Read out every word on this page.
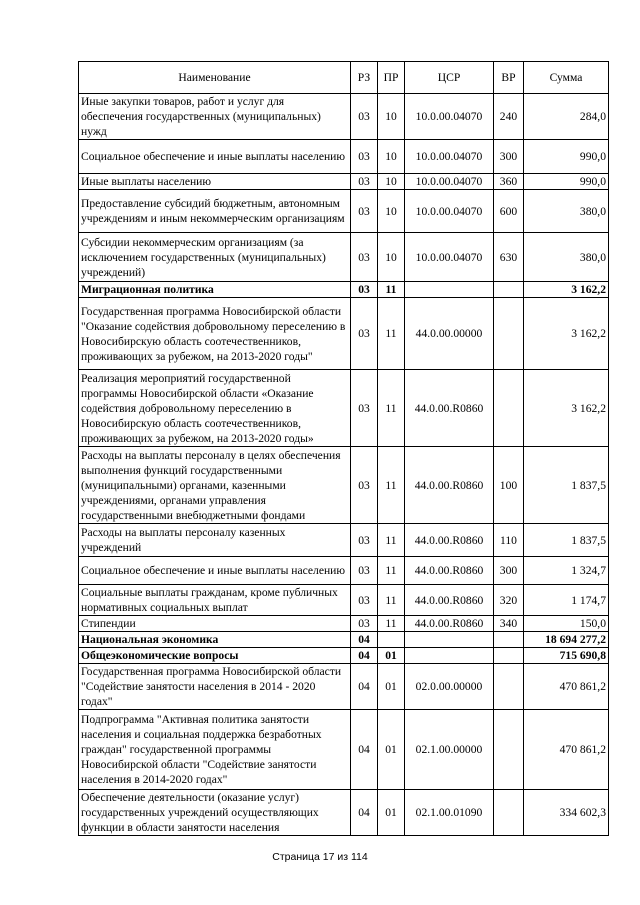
Наименование	РЗ	ПР	ЦСР	ВР	Сумма
Иные закупки товаров, работ и услуг для обеспечения государственных (муниципальных) нужд	03	10	10.0.00.04070	240	284,0
Социальное обеспечение и иные выплаты населению	03	10	10.0.00.04070	300	990,0
Иные выплаты населению	03	10	10.0.00.04070	360	990,0
Предоставление субсидий бюджетным, автономным учреждениям и иным некоммерческим организациям	03	10	10.0.00.04070	600	380,0
Субсидии некоммерческим организациям (за исключением государственных (муниципальных) учреждений)	03	10	10.0.00.04070	630	380,0
Миграционная политика	03	11			3 162,2
Государственная программа Новосибирской области "Оказание содействия добровольному переселению в Новосибирскую область соотечественников, проживающих за рубежом, на 2013-2020 годы"	03	11	44.0.00.00000		3 162,2
Реализация мероприятий государственной программы Новосибирской области «Оказание содействия добровольному переселению в Новосибирскую область соотечественников, проживающих за рубежом, на 2013-2020 годы»	03	11	44.0.00.R0860		3 162,2
Расходы на выплаты персоналу в целях обеспечения выполнения функций государственными (муниципальными) органами, казенными учреждениями, органами управления государственными внебюджетными фондами	03	11	44.0.00.R0860	100	1 837,5
Расходы на выплаты персоналу казенных учреждений	03	11	44.0.00.R0860	110	1 837,5
Социальное обеспечение и иные выплаты населению	03	11	44.0.00.R0860	300	1 324,7
Социальные выплаты гражданам, кроме публичных нормативных социальных выплат	03	11	44.0.00.R0860	320	1 174,7
Стипендии	03	11	44.0.00.R0860	340	150,0
Национальная экономика	04				18 694 277,2
Общеэкономические вопросы	04	01			715 690,8
Государственная программа Новосибирской области "Содействие занятости населения в 2014 - 2020 годах"	04	01	02.0.00.00000		470 861,2
Подпрограмма "Активная политика занятости населения и социальная поддержка безработных граждан" государственной программы Новосибирской области "Содействие занятости населения в 2014-2020 годах"	04	01	02.1.00.00000		470 861,2
Обеспечение деятельности (оказание услуг) государственных учреждений осуществляющих функции в области занятости населения	04	01	02.1.00.01090		334 602,3
Страница 17 из 114
